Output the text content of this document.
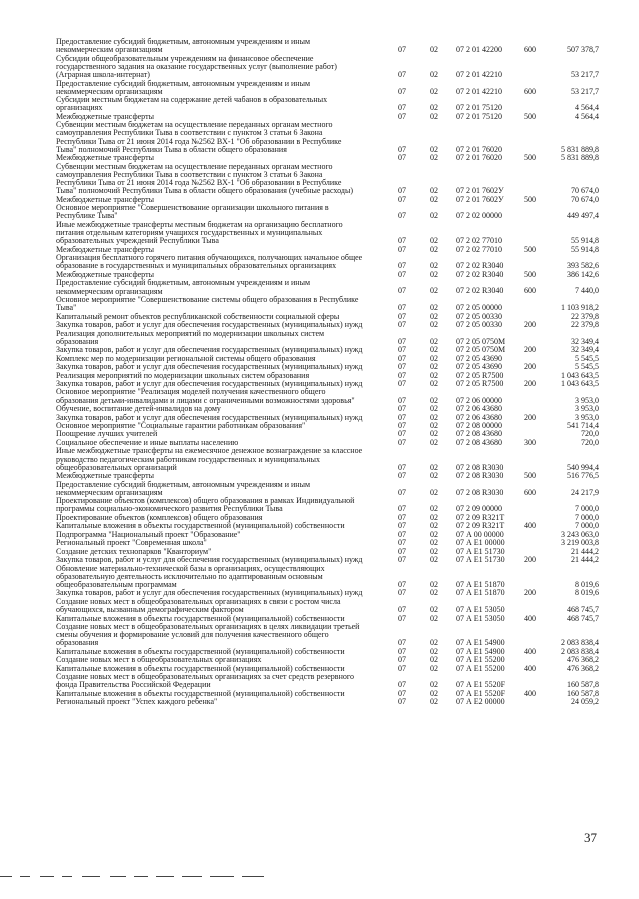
Предоставление субсидий бюджетным, автономным учреждениям и иным
некоммерческим организациям	07	02 07 2 01 42200	600	507 378,7
Субсидии общеобразовательным учреждениям на финансовое обеспечение
государственного задания на оказание государственных услуг (выполнение работ)
(Аграрная школа-интернат)	07	02 07 2 01 42210	53 217,7
Предоставление субсидий бюджетным, автономным учреждениям и иным
некоммерческим организациям	07	02 07 2 01 42210	600	53 217,7
Субсидии местным бюджетам на содержание детей чабанов в образовательных
организациях	07	02 07 2 01 75120	4 564,4
Межбюджетные трансферты	07	02 07 2 01 75120	500	4 564,4
Субвенции местным бюджетам на осуществление переданных органам местного
самоуправления Республики Тыва в соответствии с пунктом 3 статьи 6 Закона
Республики Тыва от 21 июня 2014 года №2562 ВХ-1 "Об образовании в Республике
Тыва" полномочий Республики Тыва в области общего образования	07	02 07 2 01 76020	5 831 889,8
Межбюджетные трансферты	07	02 07 2 01 76020	500	5 831 889,8
Субвенции местным бюджетам на осуществление переданных органам местного
самоуправления Республики Тыва в соответствии с пунктом 3 статьи 6 Закона
Республики Тыва от 21 июня 2014 года №2562 ВХ-1 "Об образовании в Республике
Тыва" полномочий Республики Тыва в области общего образования (учебные расходы)	07	02 07 2 01 7602У	70 674,0
Межбюджетные трансферты	07	02 07 2 01 7602У	500	70 674,0
Основное мероприятие "Совершенствование организации школьного питания в
Республике Тыва"	07	02 07 2 02 00000	449 497,4
Иные межбюджетные трансферты местным бюджетам на организацию бесплатного
питания отдельным категориям учащихся государственных и муниципальных
образовательных учреждений Республики Тыва	07	02 07 2 02 77010	55 914,8
Межбюджетные трансферты	07	02 07 2 02 77010	500	55 914,8
Организация бесплатного горячего питания обучающихся, получающих начальное общее
образование в государственных и муниципальных образовательных организациях	07	02 07 2 02 R3040	393 582,6
Межбюджетные трансферты	07	02 07 2 02 R3040	500	386 142,6
Предоставление субсидий бюджетным, автономным учреждениям и иным
некоммерческим организациям	07	02 07 2 02 R3040	600	7 440,0
Основное мероприятие "Совершенствование системы общего образования в Республике
Тыва"	07	02 07 2 05 00000	1 103 918,2
Капитальный ремонт объектов республиканской собственности социальной сферы	07	02 07 2 05 00330	22 379,8
Закупка товаров, работ и услуг для обеспечения государственных (муниципальных) нужд	07	02 07 2 05 00330	200	22 379,8
Реализация дополнительных мероприятий по модернизации школьных систем
образования	07	02 07 2 05 0750М	32 349,4
Закупка товаров, работ и услуг для обеспечения государственных (муниципальных) нужд	07	02 07 2 05 0750М 200	32 349,4
Комплекс мер по модернизации региональной системы общего образования	07	02 07 2 05 43690	5 545,5
Закупка товаров, работ и услуг для обеспечения государственных (муниципальных) нужд	07	02 07 2 05 43690	200	5 545,5
Реализация мероприятий по модернизации школьных систем образования	07	02 07 2 05 R7500	1 043 643,5
Закупка товаров, работ и услуг для обеспечения государственных (муниципальных) нужд	07	02 07 2 05 R7500	200	1 043 643,5
Основное мероприятие "Реализация моделей получения качественного общего
образования детьми-инвалидами и лицами с ограниченными возможностями здоровья"	07	02 07 2 06 00000	3 953,0
Обучение, воспитание детей-инвалидов на дому	07	02 07 2 06 43680	3 953,0
Закупка товаров, работ и услуг для обеспечения государственных (муниципальных) нужд	07	02 07 2 06 43680	200	3 953,0
Основное мероприятие "Социальные гарантии работникам образования"	07	02 07 2 08 00000	541 714,4
Поощрение лучших учителей	07	02 07 2 08 43680	720,0
Социальное обеспечение и иные выплаты населению	07	02 07 2 08 43680	300	720,0
Иные межбюджетные трансферты на ежемесячное денежное вознаграждение за классное
руководство педагогическим работникам государственных и муниципальных
общеобразовательных организаций	07	02 07 2 08 R3030	540 994,4
Межбюджетные трансферты	07	02 07 2 08 R3030	500	516 776,5
Предоставление субсидий бюджетным, автономным учреждениям и иным
некоммерческим организациям	07	02 07 2 08 R3030	600	24 217,9
Проектирование объектов (комплексов) общего образования в рамках Индивидуальной
программы социально-экономического развития Республики Тыва	07	02 07 2 09 00000	7 000,0
Проектирование объектов (комплексов) общего образования	07	02 07 2 09 R321Т	7 000,0
Капитальные вложения в объекты государственной (муниципальной) собственности	07	02 07 2 09 R321Т 400	7 000,0
Подпрограмма "Национальный проект "Образование"	07	02 07 А 00 00000	3 243 063,0
Региональный проект "Современная школа"	07	02 07 А Е1 00000	3 219 003,8
Создание детских технопарков "Кванториум"	07	02 07 А Е1 51730	21 444,2
Закупка товаров, работ и услуг для обеспечения государственных (муниципальных) нужд	07	02 07 А Е1 51730 200	21 444,2
Обновление материально-технической базы в организациях, осуществляющих
образовательную деятельность исключительно по адаптированным основным
общеобразовательным программам	07	02 07 А Е1 51870	8 019,6
Закупка товаров, работ и услуг для обеспечения государственных (муниципальных) нужд	07	02 07 А Е1 51870 200	8 019,6
Создание новых мест в общеобразовательных организациях в связи с ростом числа
обучающихся, вызванным демографическим фактором	07	02 07 А Е1 53050	468 745,7
Капитальные вложения в объекты государственной (муниципальной) собственности	07	02 07 А Е1 53050 400	468 745,7
Создание новых мест в общеобразовательных организациях в целях ликвидации третьей
смены обучения и формирование условий для получения качественного общего
образования	07	02 07 А Е1 54900	2 083 838,4
Капитальные вложения в объекты государственной (муниципальной) собственности	07	02 07 А Е1 54900 400	2 083 838,4
Создание новых мест в общеобразовательных организациях	07	02 07 А Е1 55200	476 368,2
Капитальные вложения в объекты государственной (муниципальной) собственности	07	02 07 А Е1 55200 400	476 368,2
Создание новых мест в общеобразовательных организациях за счет средств резервного
фонда Правительства Российской Федерации	07	02 07 А Е1 5520F	160 587,8
Капитальные вложения в объекты государственной (муниципальной) собственности	07	02 07 А Е1 5520F 400	160 587,8
Региональный проект "Успех каждого ребенка"	07	02 07 А Е2 00000	24 059,2
37
